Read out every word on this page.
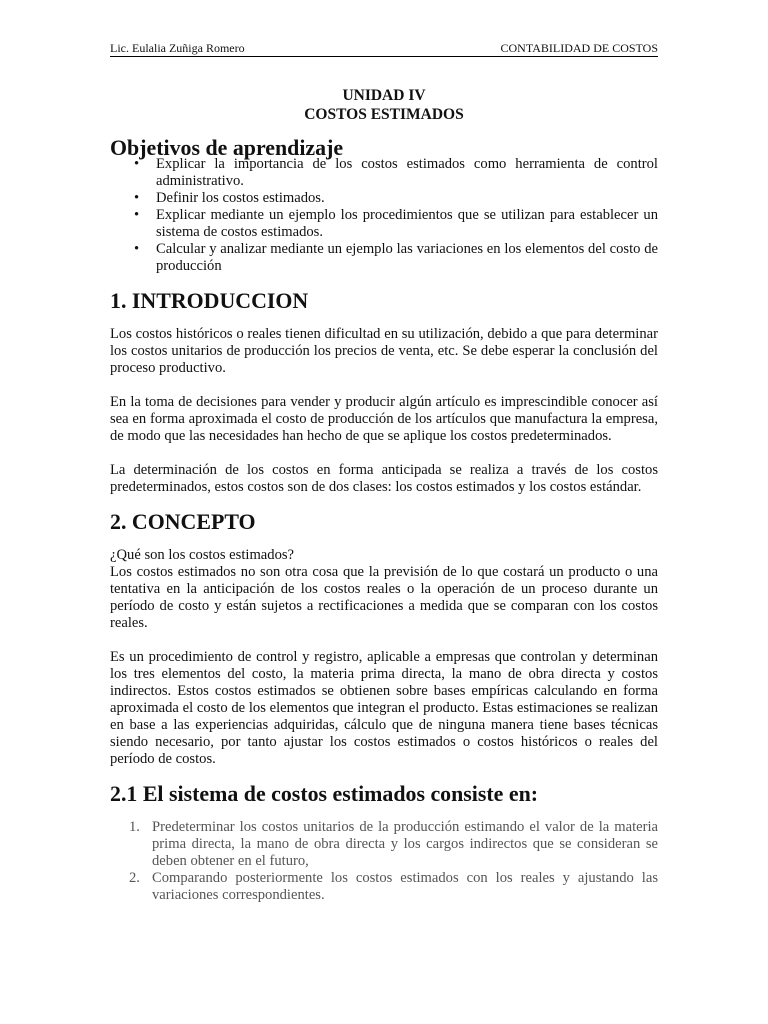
Lic. Eulalia Zuñiga Romero	CONTABILIDAD DE COSTOS
UNIDAD IV
COSTOS ESTIMADOS
Objetivos de aprendizaje
• Explicar la importancia de los costos estimados como herramienta de control administrativo.
• Definir los costos estimados.
• Explicar mediante un ejemplo los procedimientos que se utilizan para establecer un sistema de costos estimados.
• Calcular y analizar mediante un ejemplo las variaciones en los elementos del costo de producción
1. INTRODUCCION

Los costos históricos o reales tienen dificultad en su utilización, debido a que para determinar los costos unitarios de producción los precios de venta, etc. Se debe esperar la conclusión del proceso productivo.

En la toma de decisiones para vender y producir algún artículo es imprescindible conocer así sea en forma aproximada el costo de producción de los artículos que manufactura la empresa, de modo que las necesidades han hecho de que se aplique los costos predeterminados.

La determinación de los costos en forma anticipada se realiza a través de los costos predeterminados, estos costos son de dos clases: los costos estimados y los costos estándar.

2. CONCEPTO

¿Qué son los costos estimados?

Los costos estimados no son otra cosa que la previsión de lo que costará un producto o una tentativa en la anticipación de los costos reales o la operación de un proceso durante un período de costo y están sujetos a rectificaciones a medida que se comparan con los costos reales.

Es un procedimiento de control y registro, aplicable a empresas que controlan y determinan los tres elementos del costo, la materia prima directa, la mano de obra directa y costos indirectos. Estos costos estimados se obtienen sobre bases empíricas calculando en forma aproximada el costo de los elementos que integran el producto. Estas estimaciones se realizan en base a las experiencias adquiridas, cálculo que de ninguna manera tiene bases técnicas siendo necesario, por tanto ajustar los costos estimados o costos históricos o reales del período de costos.

2.1 El sistema de costos estimados consiste en:
1. Predeterminar los costos unitarios de la producción estimando el valor de la materia prima directa, la mano de obra directa y los cargos indirectos que se consideran se deben obtener en el futuro,
2. Comparando posteriormente los costos estimados con los reales y ajustando las variaciones correspondientes.
